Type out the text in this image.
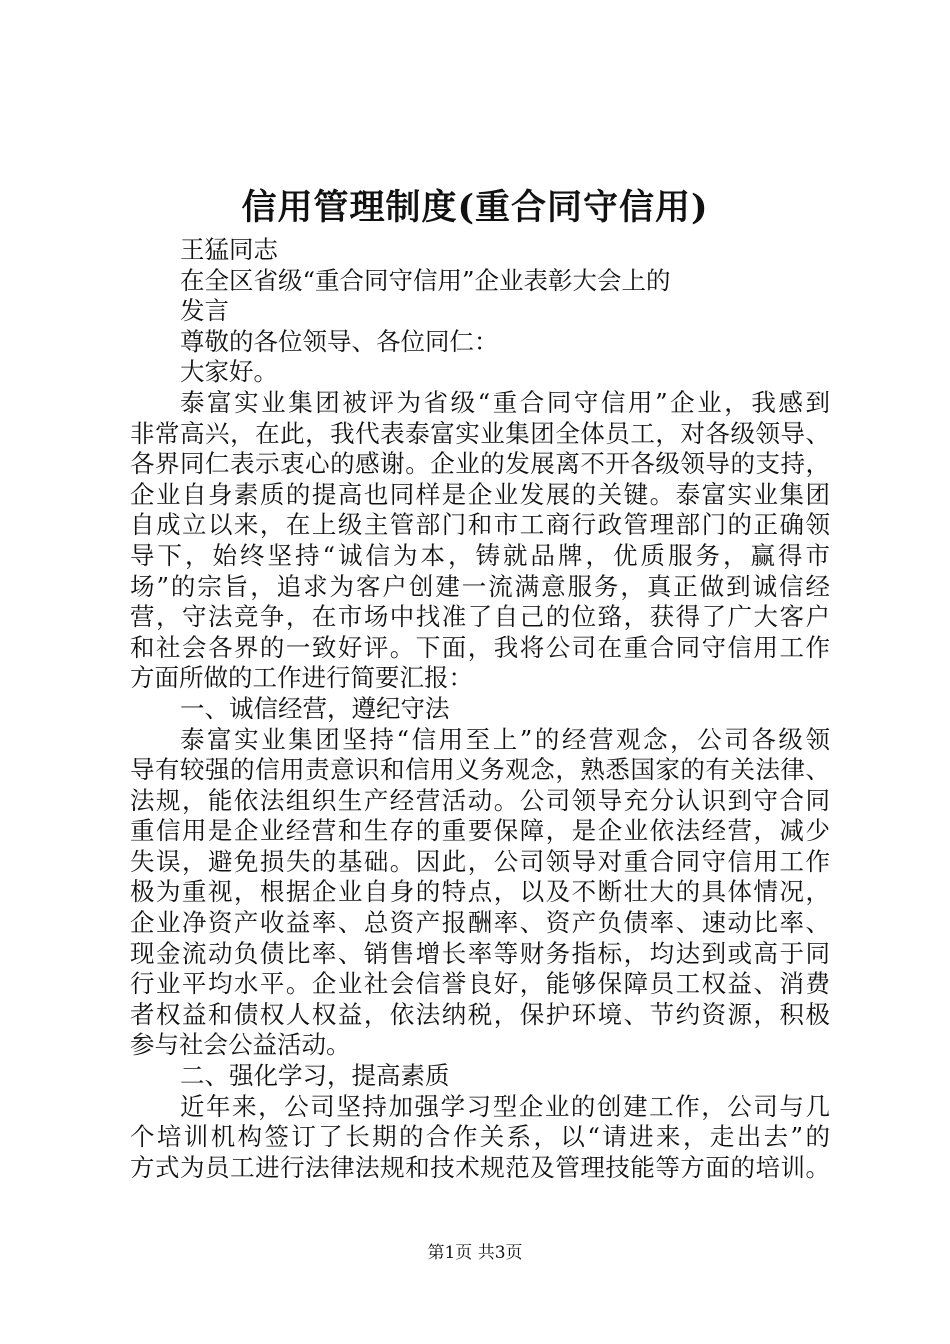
信用管理制度(重合同守信用)
王猛同志
在全区省级“重合同守信用”企业表彰大会上的
发言
尊敬的各位领导、各位同仁：
大家好。
泰富实业集团被评为省级“重合同守信用”企业，我感到
非常高兴，在此，我代表泰富实业集团全体员工，对各级领导、
各界同仁表示衷心的感谢。企业的发展离不开各级领导的支持，
企业自身素质的提高也同样是企业发展的关键。泰富实业集团
自成立以来，在上级主管部门和市工商行政管理部门的正确领
导下，始终坚持“诚信为本，铸就品牌，优质服务，赢得市
场”的宗旨，追求为客户创建一流满意服务，真正做到诚信经
营，守法竞争，在市场中找准了自己的位臵，获得了广大客户
和社会各界的一致好评。下面，我将公司在重合同守信用工作
方面所做的工作进行简要汇报：
一、诚信经营，遵纪守法
泰富实业集团坚持“信用至上”的经营观念，公司各级领
导有较强的信用责意识和信用义务观念，熟悉国家的有关法律、
法规，能依法组织生产经营活动。公司领导充分认识到守合同
重信用是企业经营和生存的重要保障，是企业依法经营，减少
失误，避免损失的基础。因此，公司领导对重合同守信用工作
极为重视，根据企业自身的特点，以及不断壮大的具体情况，
企业净资产收益率、总资产报酬率、资产负债率、速动比率、
现金流动负债比率、销售增长率等财务指标，均达到或高于同
行业平均水平。企业社会信誉良好，能够保障员工权益、消费
者权益和债权人权益，依法纳税，保护环境、节约资源，积极
参与社会公益活动。
二、强化学习，提高素质
近年来，公司坚持加强学习型企业的创建工作，公司与几
个培训机构签订了长期的合作关系，以“请进来，走出去”的
方式为员工进行法律法规和技术规范及管理技能等方面的培训。
第1页 共3页
